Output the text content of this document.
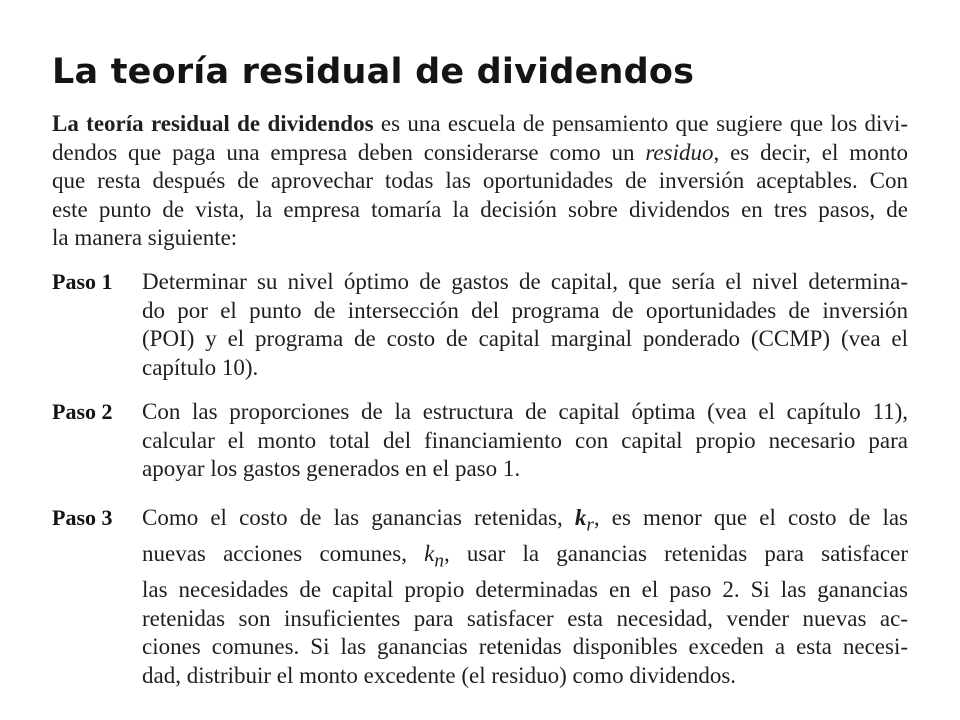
La teoría residual de dividendos
La teoría residual de dividendos es una escuela de pensamiento que sugiere que los divi-
dendos que paga una empresa deben considerarse como un residuo, es decir, el monto
que resta después de aprovechar todas las oportunidades de inversión aceptables. Con
este punto de vista, la empresa tomaría la decisión sobre dividendos en tres pasos, de
la manera siguiente:
Paso 1	Determinar su nivel óptimo de gastos de capital, que sería el nivel determina-
do por el punto de intersección del programa de oportunidades de inversión
(POI) y el programa de costo de capital marginal ponderado (CCMP) (vea el
capítulo 10).
Paso 2	Con las proporciones de la estructura de capital óptima (vea el capítulo 11),
calcular el monto total del financiamiento con capital propio necesario para
apoyar los gastos generados en el paso 1.
Paso 3	Como el costo de las ganancias retenidas, $k_r$, es menor que el costo de las
nuevas acciones comunes, $k_n$, usar la ganancias retenidas para satisfacer
las necesidades de capital propio determinadas en el paso 2. Si las ganancias
retenidas son insuficientes para satisfacer esta necesidad, vender nuevas ac-
ciones comunes. Si las ganancias retenidas disponibles exceden a esta necesi-
dad, distribuir el monto excedente (el residuo) como dividendos.
